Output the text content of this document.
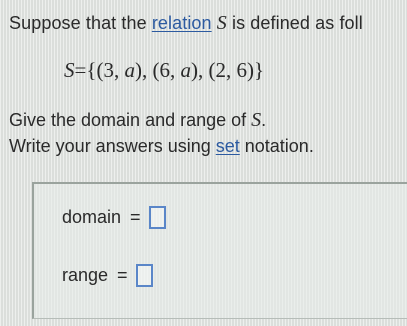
Suppose that the relation S is defined as foll
S={(3, a), (6, a), (2, 6)}
Give the domain and range of S.
Write your answers using set notation.
domain =
range =
